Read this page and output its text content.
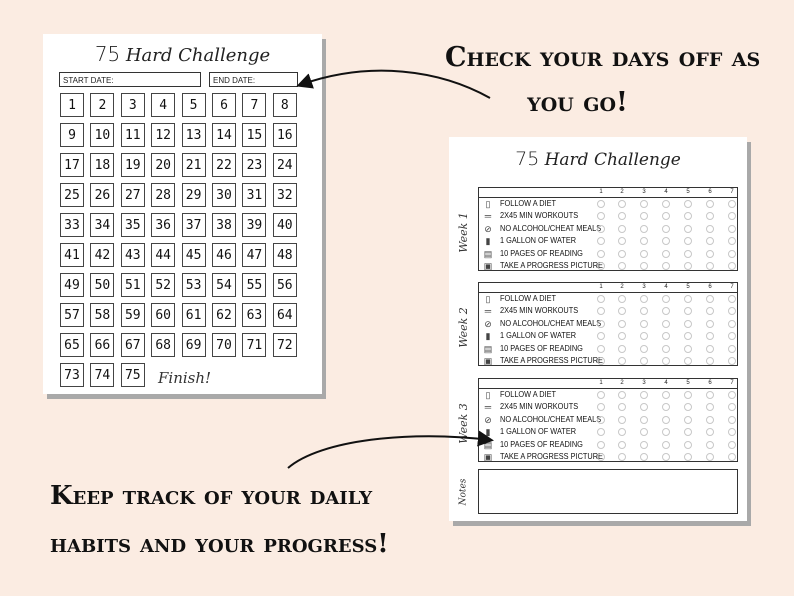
75 Hard Challenge
START DATE:	END DATE:
1	2	3	4	5	6	7	8
9	10	11	12	13	14	15	16
17	18	19	20	21	22	23	24
25	26	27	28	29	30	31	32
33	34	35	36	37	38	39	40
41	42	43	44	45	46	47	48
49	50	51	52	53	54	55	56
57	58	59	60	61	62	63	64
65	66	67	68	69	70	71	72
73	74	75 Finish!
75 Hard Challenge
Week 1
1	2	3	4	5	6	7
▯	FOLLOW A DIET
═ 2X45 MIN WORKOUTS
⊘ NO ALCOHOL/CHEAT MEALS
▮	1 GALLON OF WATER
▤ 10 PAGES OF READING
▣ TAKE A PROGRESS PICTURE
Week 2
1	2	3	4	5	6	7
▯	FOLLOW A DIET
═ 2X45 MIN WORKOUTS
⊘ NO ALCOHOL/CHEAT MEALS
▮	1 GALLON OF WATER
▤ 10 PAGES OF READING
▣ TAKE A PROGRESS PICTURE
Week 3
1	2	3	4	5	6	7
▯	FOLLOW A DIET
═ 2X45 MIN WORKOUTS
⊘ NO ALCOHOL/CHEAT MEALS
▮	1 GALLON OF WATER
▤ 10 PAGES OF READING
▣ TAKE A PROGRESS PICTURE
Notes
Check your days off as
you go!
Keep track of your daily
habits and your progress!
